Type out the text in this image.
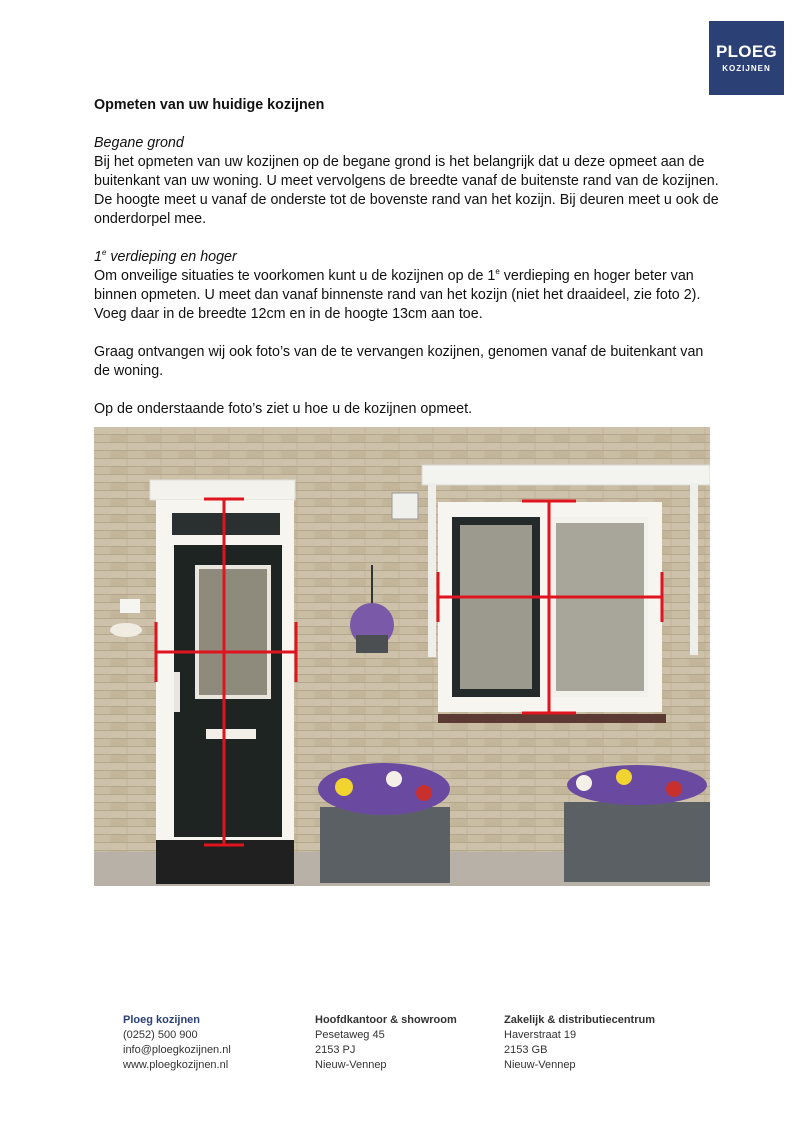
PLOEG
KOZIJNEN

Opmeten van uw huidige kozijnen

Begane grond

Bij het opmeten van uw kozijnen op de begane grond is het belangrijk dat u deze opmeet aan de buitenkant van uw woning. U meet vervolgens de breedte vanaf de buitenste rand van de kozijnen. De hoogte meet u vanaf de onderste tot de bovenste rand van het kozijn. Bij deuren meet u ook de onderdorpel mee.

1e verdieping en hoger

Om onveilige situaties te voorkomen kunt u de kozijnen op de 1e verdieping en hoger beter van binnen opmeten. U meet dan vanaf binnenste rand van het kozijn (niet het draaideel, zie foto 2). Voeg daar in de breedte 12cm en in de hoogte 13cm aan toe.

Graag ontvangen wij ook foto’s van de te vervangen kozijnen, genomen vanaf de buitenkant van de woning.

Op de onderstaande foto’s ziet u hoe u de kozijnen opmeet.

Ploeg kozijnen
(0252) 500 900
info@ploegkozijnen.nl
www.ploegkozijnen.nl
Hoofdkantoor & showroom
Pesetaweg 45
2153 PJ
Nieuw-Vennep
Zakelijk & distributiecentrum
Haverstraat 19
2153 GB
Nieuw-Vennep
